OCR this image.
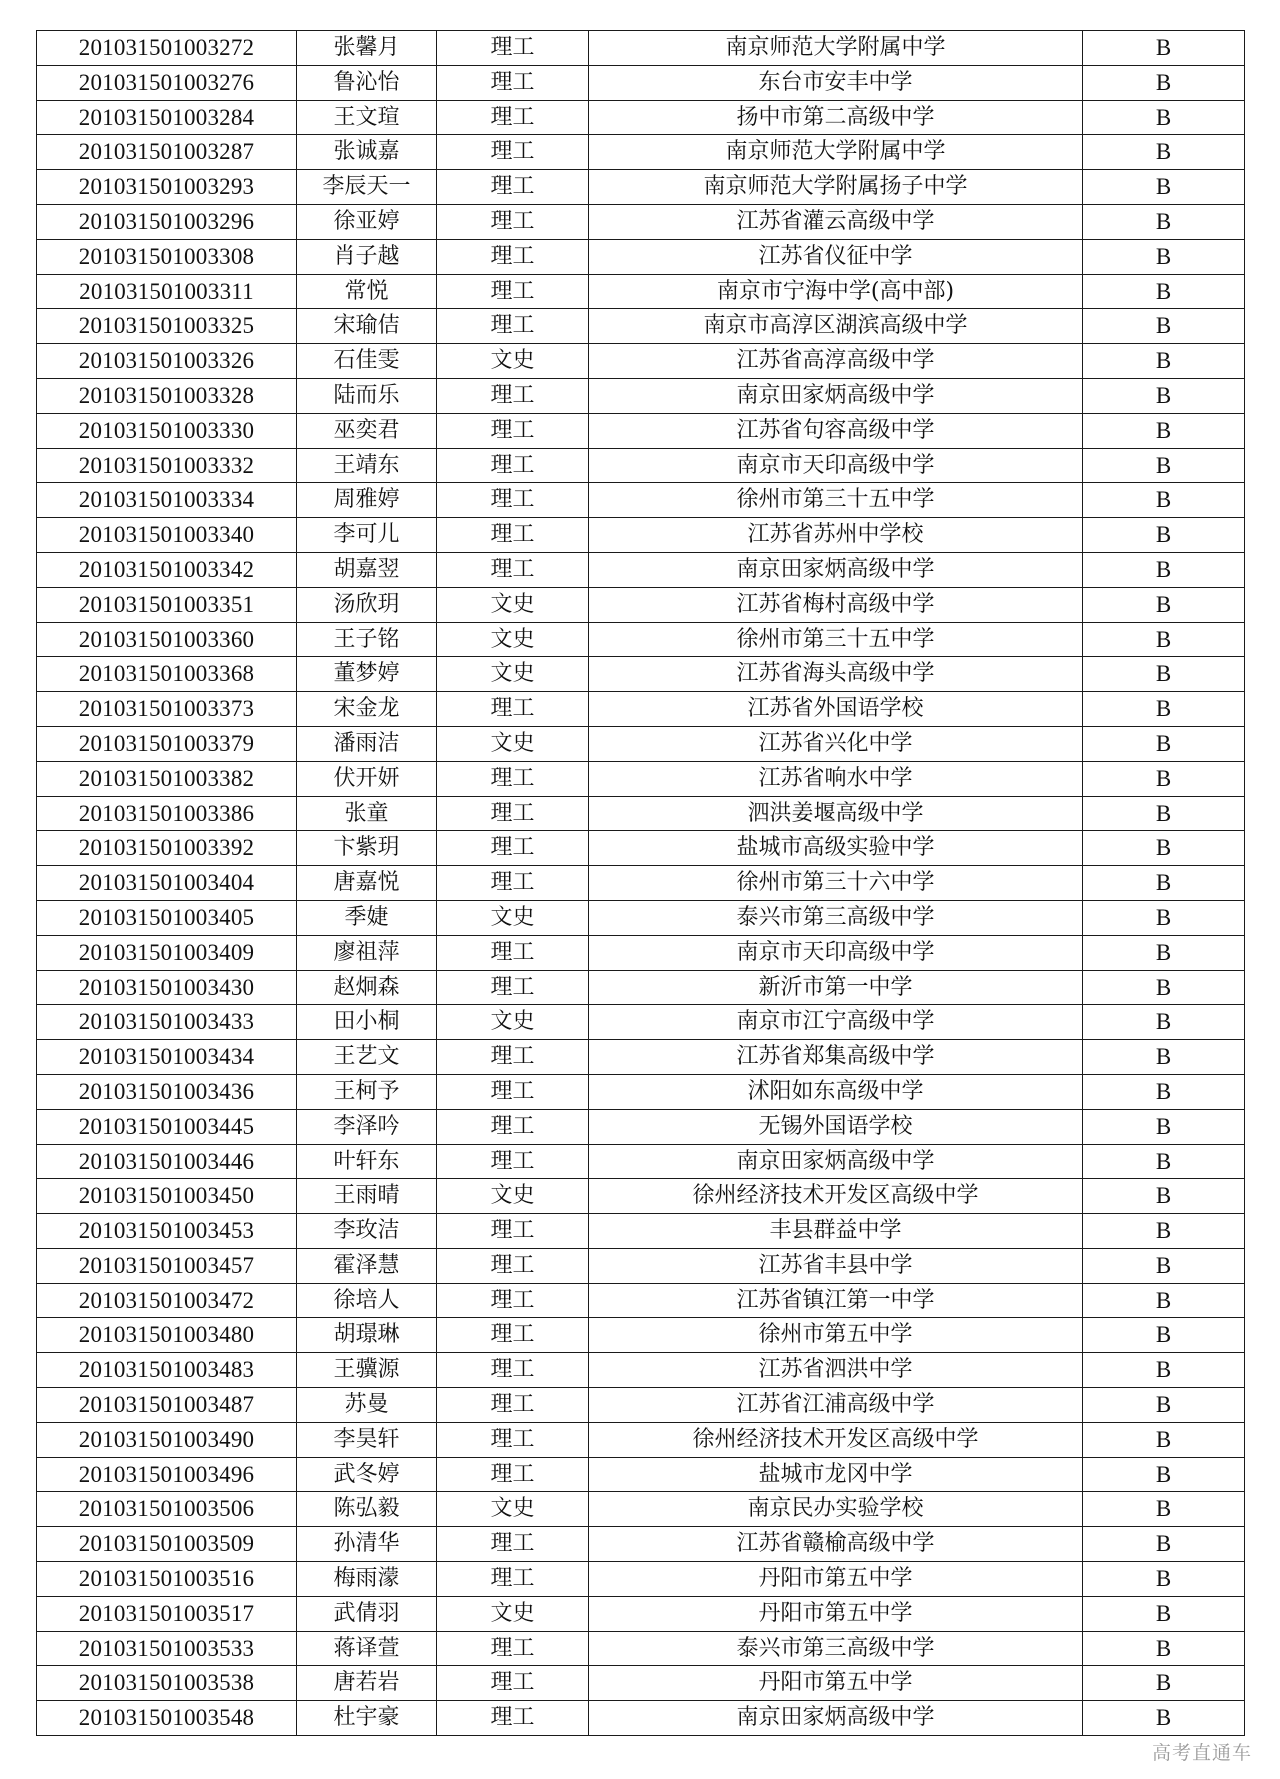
201031501003272	张馨月	理工	南京师范大学附属中学	B
201031501003276	鲁沁怡	理工	东台市安丰中学	B
201031501003284	王文瑄	理工	扬中市第二高级中学	B
201031501003287	张诚嘉	理工	南京师范大学附属中学	B
201031501003293	李辰天一	理工	南京师范大学附属扬子中学	B
201031501003296	徐亚婷	理工	江苏省灌云高级中学	B
201031501003308	肖子越	理工	江苏省仪征中学	B
201031501003311	常悦	理工	南京市宁海中学(高中部)	B
201031501003325	宋瑜佶	理工	南京市高淳区湖滨高级中学	B
201031501003326	石佳雯	文史	江苏省高淳高级中学	B
201031501003328	陆而乐	理工	南京田家炳高级中学	B
201031501003330	巫奕君	理工	江苏省句容高级中学	B
201031501003332	王靖东	理工	南京市天印高级中学	B
201031501003334	周雅婷	理工	徐州市第三十五中学	B
201031501003340	李可儿	理工	江苏省苏州中学校	B
201031501003342	胡嘉翌	理工	南京田家炳高级中学	B
201031501003351	汤欣玥	文史	江苏省梅村高级中学	B
201031501003360	王子铭	文史	徐州市第三十五中学	B
201031501003368	董梦婷	文史	江苏省海头高级中学	B
201031501003373	宋金龙	理工	江苏省外国语学校	B
201031501003379	潘雨洁	文史	江苏省兴化中学	B
201031501003382	伏开妍	理工	江苏省响水中学	B
201031501003386	张童	理工	泗洪姜堰高级中学	B
201031501003392	卞紫玥	理工	盐城市高级实验中学	B
201031501003404	唐嘉悦	理工	徐州市第三十六中学	B
201031501003405	季婕	文史	泰兴市第三高级中学	B
201031501003409	廖祖萍	理工	南京市天印高级中学	B
201031501003430	赵炯森	理工	新沂市第一中学	B
201031501003433	田小桐	文史	南京市江宁高级中学	B
201031501003434	王艺文	理工	江苏省郑集高级中学	B
201031501003436	王柯予	理工	沭阳如东高级中学	B
201031501003445	李泽吟	理工	无锡外国语学校	B
201031501003446	叶轩东	理工	南京田家炳高级中学	B
201031501003450	王雨晴	文史	徐州经济技术开发区高级中学	B
201031501003453	李玫洁	理工	丰县群益中学	B
201031501003457	霍泽慧	理工	江苏省丰县中学	B
201031501003472	徐培人	理工	江苏省镇江第一中学	B
201031501003480	胡璟琳	理工	徐州市第五中学	B
201031501003483	王骥源	理工	江苏省泗洪中学	B
201031501003487	苏曼	理工	江苏省江浦高级中学	B
201031501003490	李昊轩	理工	徐州经济技术开发区高级中学	B
201031501003496	武冬婷	理工	盐城市龙冈中学	B
201031501003506	陈弘毅	文史	南京民办实验学校	B
201031501003509	孙清华	理工	江苏省赣榆高级中学	B
201031501003516	梅雨濛	理工	丹阳市第五中学	B
201031501003517	武倩羽	文史	丹阳市第五中学	B
201031501003533	蒋译萱	理工	泰兴市第三高级中学	B
201031501003538	唐若岩	理工	丹阳市第五中学	B
201031501003548	杜宇豪	理工	南京田家炳高级中学	B
高考直通车
